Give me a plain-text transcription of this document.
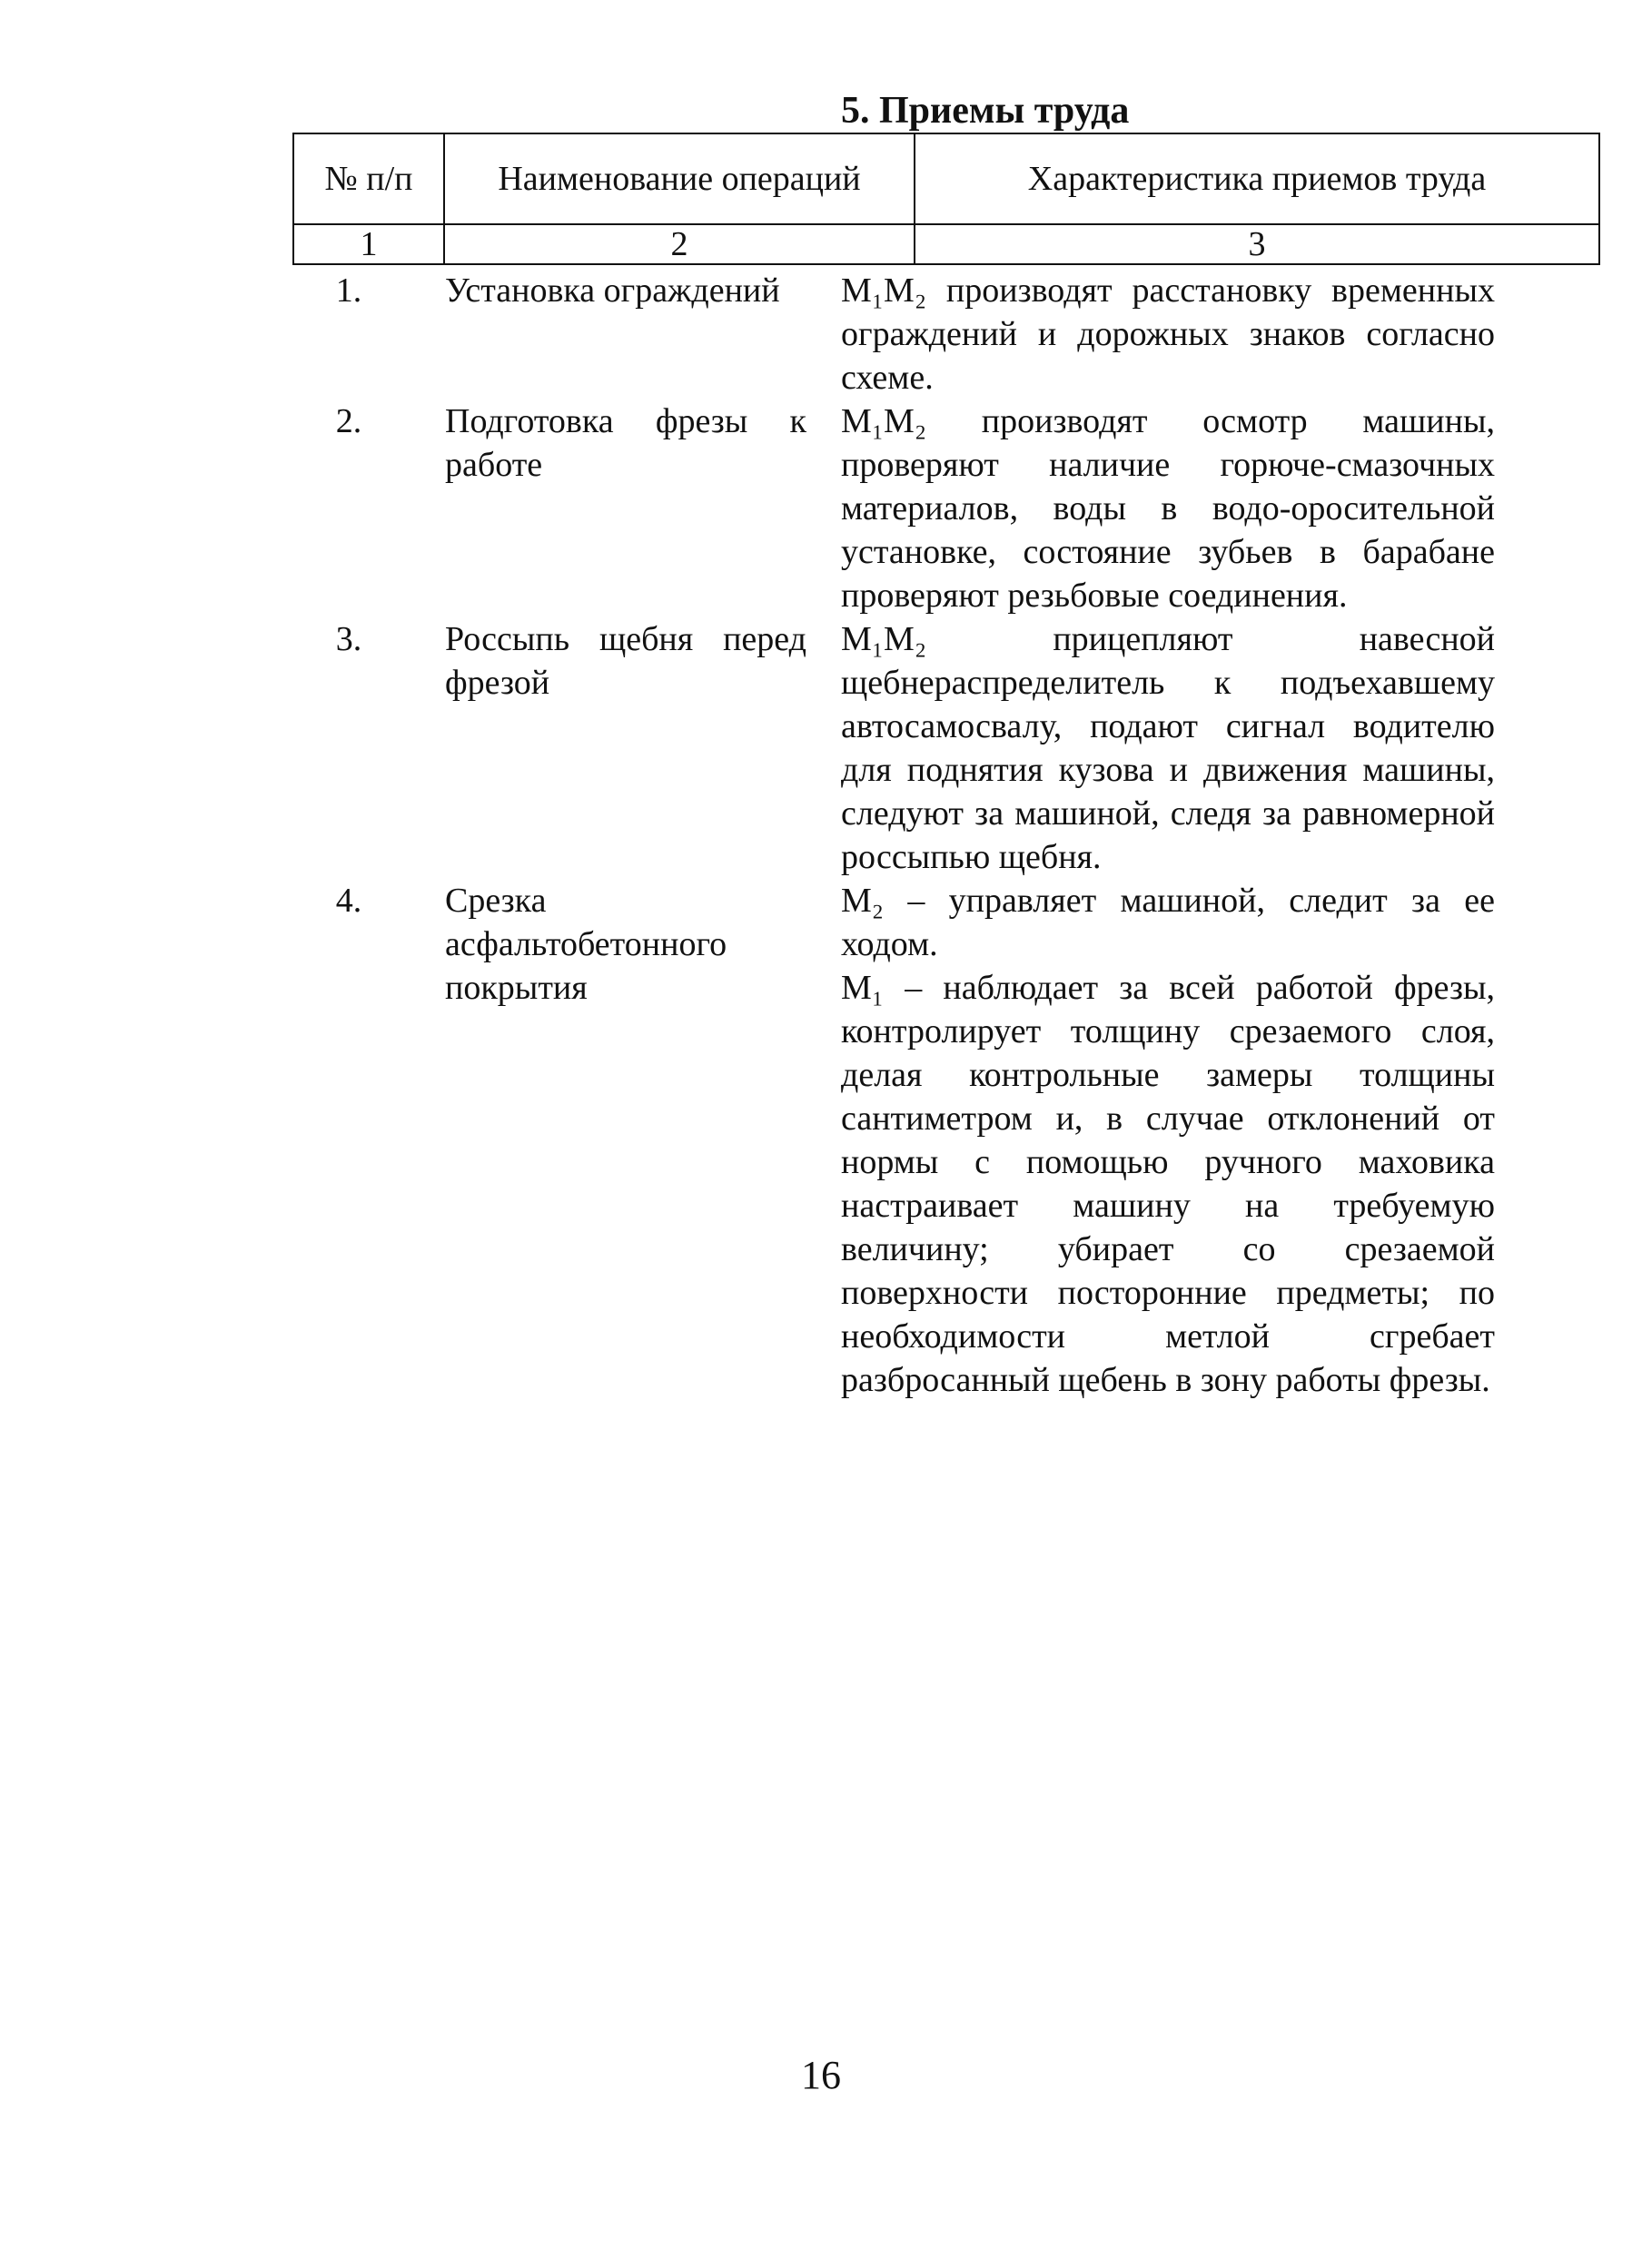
5. Приемы труда
№ п/п	Наименование операций	Характеристика приемов труда
1	2	3
1.	Установка ограждений	M₁M₂ производят расстановку временных ограждений и дорожных знаков согласно схеме.

2.	Подготовка фрезы к работе	M₁M₂ производят осмотр машины, проверяют наличие горюче-смазочных материалов, воды в водо-оросительной установке, состояние зубьев в барабане проверяют резьбовые соединения.

3.	Россыпь щебня перед фрезой	M₁M₂ прицепляют навесной щебнераспределитель к подъехавшему автосамосвалу, подают сигнал водителю для поднятия кузова и движения машины, следуют за машиной, следя за равномерной россыпью щебня.

4.	Срезка асфальтобетонного покрытия	M₂ – управляет машиной, следит за ее ходом.

M₁ – наблюдает за всей работой фрезы, контролирует толщину срезаемого слоя, делая контрольные замеры толщины сантиметром и, в случае отклонений от нормы с помощью ручного маховика настраивает машину на требуемую величину; убирает со срезаемой поверхности посторонние предметы; по необходимости метлой сгребает разбросанный щебень в зону работы фрезы.

16
